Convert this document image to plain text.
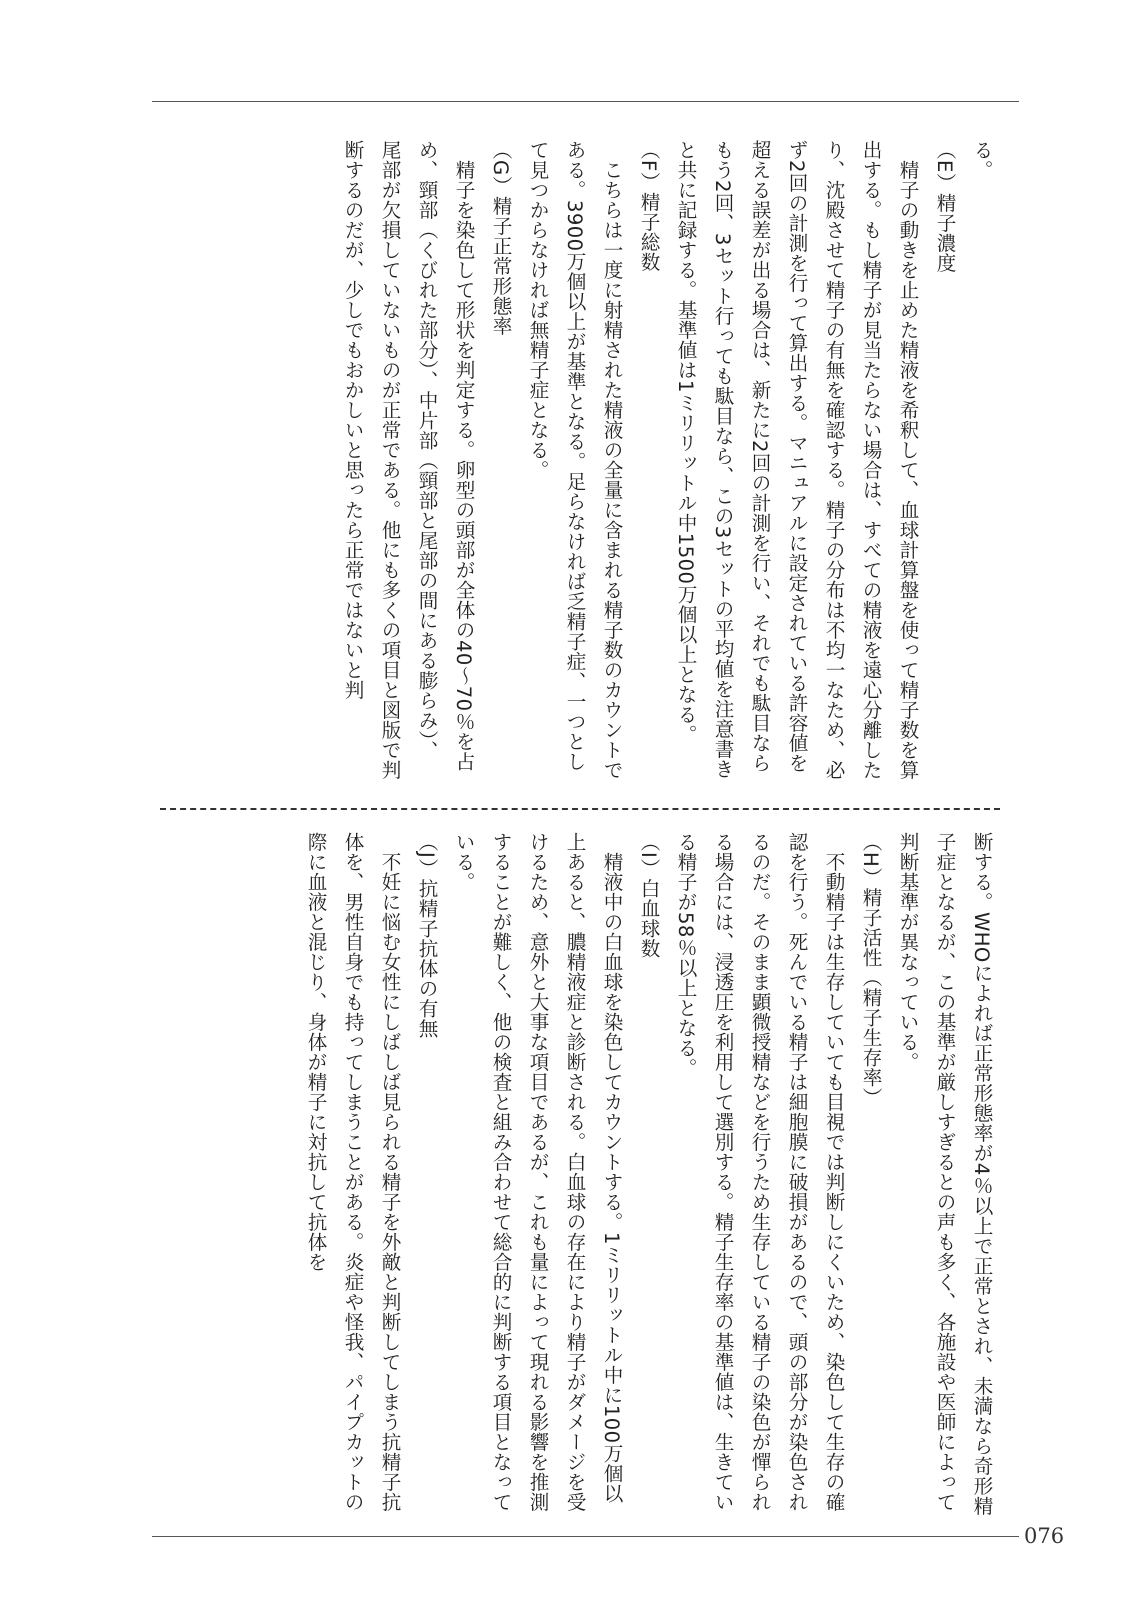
る。

（E）精子濃度

精子の動きを止めた精液を希釈して、血球計算盤を使って精子数を算出する。もし精子が見当たらない場合は、すべての精液を遠心分離したり、沈殿させて精子の有無を確認する。精子の分布は不均一なため、必ず2回の計測を行って算出する。マニュアルに設定されている許容値を超える誤差が出る場合は、新たに2回の計測を行い、それでも駄目ならもう2回、3セット行っても駄目なら、この3セットの平均値を注意書きと共に記録する。基準値は1ミリリットル中1500万個以上となる。

（F）精子総数

こちらは一度に射精された精液の全量に含まれる精子数のカウントである。3900万個以上が基準となる。足らなければ乏精子症、一つとして見つからなければ無精子症となる。

（G）精子正常形態率

精子を染色して形状を判定する。卵型の頭部が全体の40〜70％を占め、頸部（くびれた部分）、中片部（頸部と尾部の間にある膨らみ）、尾部が欠損していないものが正常である。他にも多くの項目と図版で判断するのだが、少しでもおかしいと思ったら正常ではないと判

断する。WHOによれば正常形態率が4％以上で正常とされ、未満なら奇形精子症となるが、この基準が厳しすぎるとの声も多く、各施設や医師によって判断基準が異なっている。

（H）精子活性（精子生存率）

不動精子は生存していても目視では判断しにくいため、染色して生存の確認を行う。死んでいる精子は細胞膜に破損があるので、頭の部分が染色されるのだ。そのまま顕微授精などを行うため生存している精子の染色が憚られる場合には、浸透圧を利用して選別する。精子生存率の基準値は、生きている精子が58％以上となる。

（I）白血球数

精液中の白血球を染色してカウントする。1ミリリットル中に100万個以上あると、膿精液症と診断される。白血球の存在により精子がダメージを受けるため、意外と大事な項目であるが、これも量によって現れる影響を推測することが難しく、他の検査と組み合わせて総合的に判断する項目となっている。

（J）抗精子抗体の有無

不妊に悩む女性にしばしば見られる精子を外敵と判断してしまう抗精子抗体を、男性自身でも持ってしまうことがある。炎症や怪我、パイプカットの際に血液と混じり、身体が精子に対抗して抗体を

076
